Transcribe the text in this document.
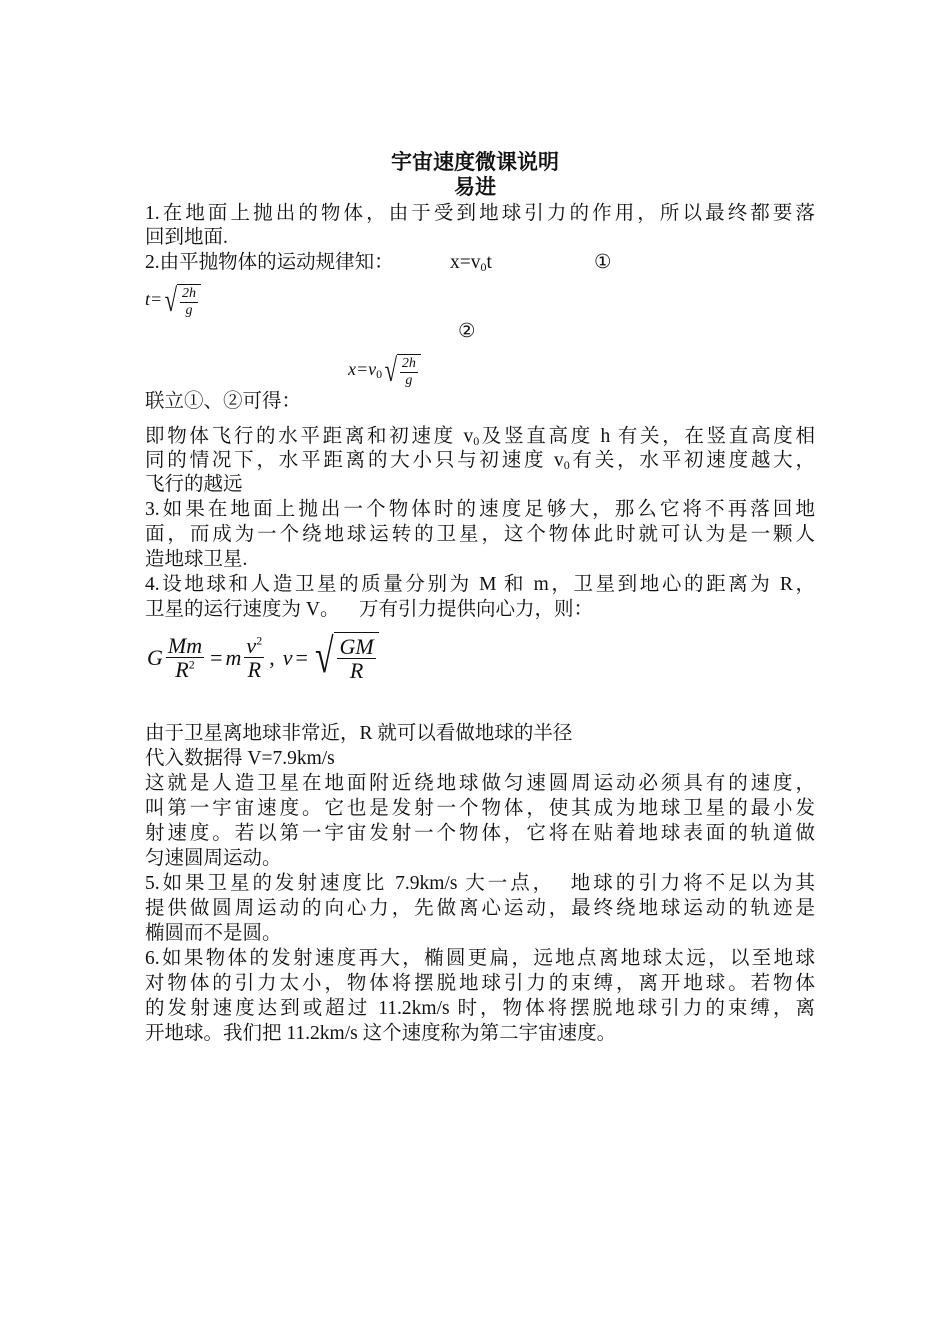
宇宙速度微课说明
易进
1.在地面上抛出的物体，由于受到地球引力的作用，所以最终都要落
回到地面.
2.由平抛物体的运动规律知：	$x=v_0t$	①
t= √ $\frac{2h}{g}$
②
$x=v_0$ √ $\frac{2h}{g}$
联立①、②可得：
即物体飞行的水平距离和初速度 $v_0$及竖直高度 h 有关，在竖直高度相
同的情况下，水平距离的大小只与初速度 $v_0$有关，水平初速度越大，
飞行的越远
3.如果在地面上抛出一个物体时的速度足够大，那么它将不再落回地
面，而成为一个绕地球运转的卫星，这个物体此时就可认为是一颗人
造地球卫星.
4.设地球和人造卫星的质量分别为 M 和 m，卫星到地心的距离为 R，
卫星的运行速度为 V。    万有引力提供向心力，则：
G $\frac{Mm}{R^2} = m \frac{v^2}{R}$ , v = √ $\frac{GM}{R}$
由于卫星离地球非常近，R 就可以看做地球的半径
代入数据得 V=7.9km/s
这就是人造卫星在地面附近绕地球做匀速圆周运动必须具有的速度，
叫第一宇宙速度。它也是发射一个物体，使其成为地球卫星的最小发
射速度。若以第一宇宙发射一个物体，它将在贴着地球表面的轨道做
匀速圆周运动。
5.如果卫星的发射速度比 7.9km/s 大一点，  地球的引力将不足以为其
提供做圆周运动的向心力，先做离心运动，最终绕地球运动的轨迹是
椭圆而不是圆。
6.如果物体的发射速度再大，椭圆更扁，远地点离地球太远，以至地球
对物体的引力太小，物体将摆脱地球引力的束缚，离开地球。若物体
的发射速度达到或超过 11.2km/s 时，物体将摆脱地球引力的束缚，离
开地球。我们把 11.2km/s 这个速度称为第二宇宙速度。
